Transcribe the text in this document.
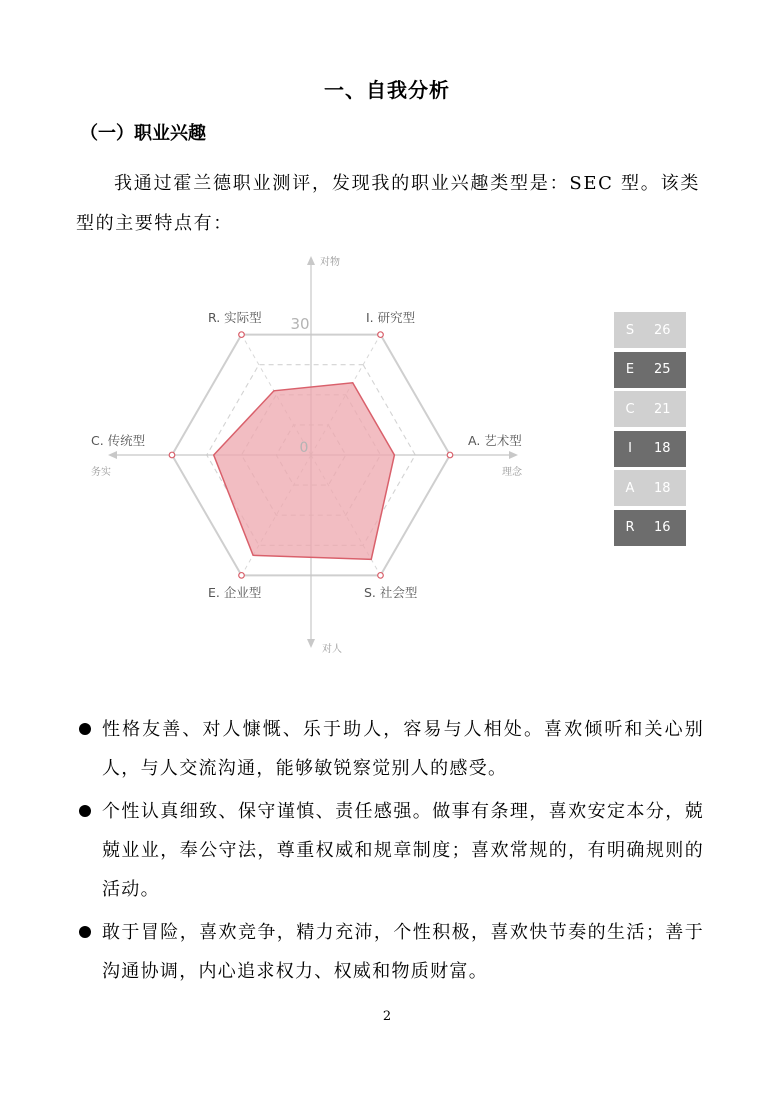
一、自我分析
（一）职业兴趣
我通过霍兰德职业测评，发现我的职业兴趣类型是：SEC 型。该类型的主要特点有：
30
0
对物
对人
务实	理念
I. 研究型
A. 艺术型
S. 社会型
E. 企业型
C. 传统型
R. 实际型
S	26
E	25
C	21
I	18
A	18
R	16
性格友善、对人慷慨、乐于助人，容易与人相处。喜欢倾听和关心别人，与人交流沟通，能够敏锐察觉别人的感受。
个性认真细致、保守谨慎、责任感强。做事有条理，喜欢安定本分，兢兢业业，奉公守法，尊重权威和规章制度；喜欢常规的，有明确规则的活动。
敢于冒险，喜欢竞争，精力充沛，个性积极，喜欢快节奏的生活；善于沟通协调，内心追求权力、权威和物质财富。
2
